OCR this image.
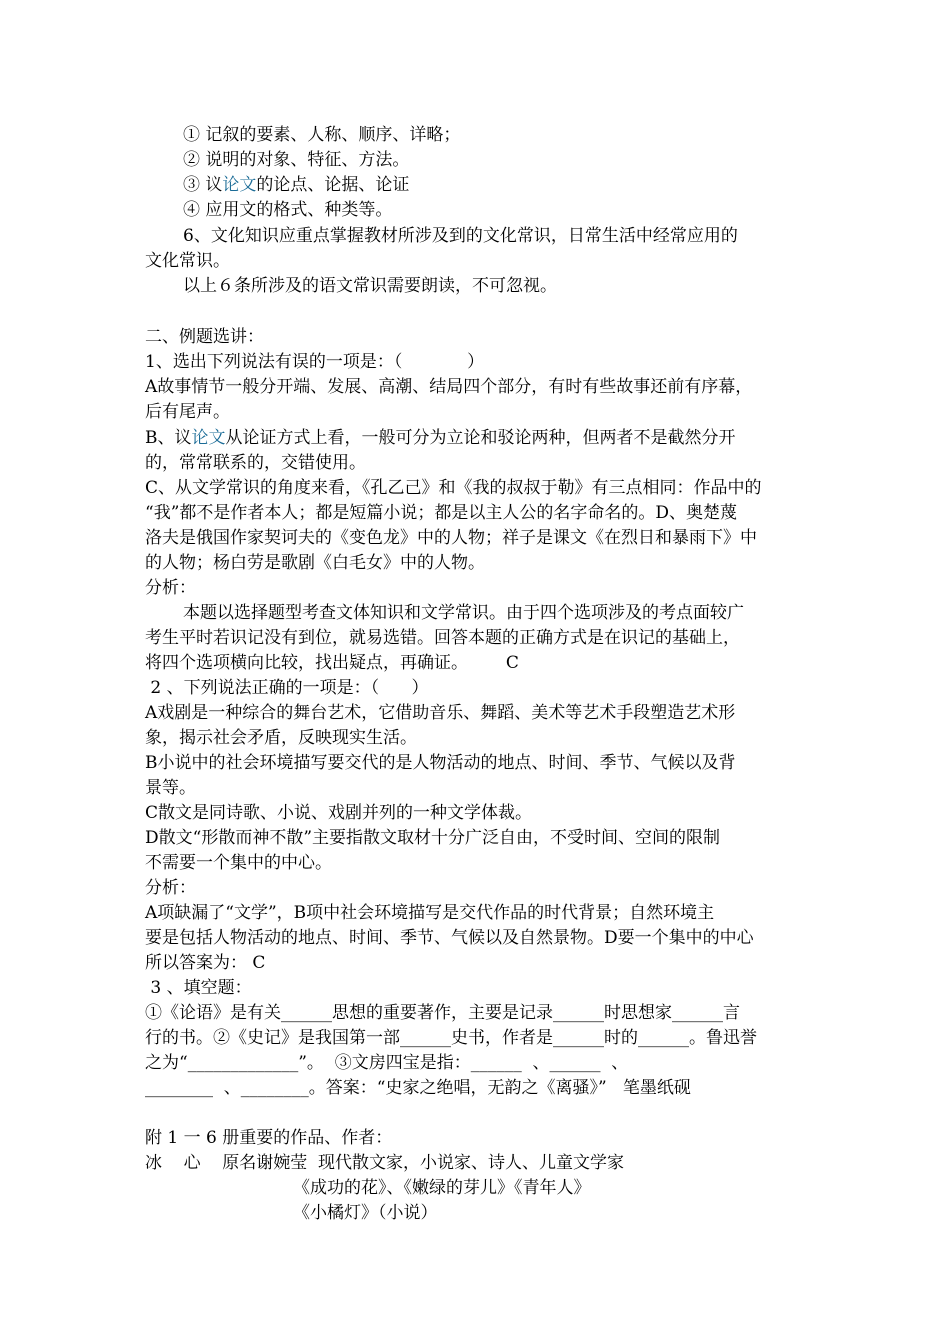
① 记叙的要素、人称、顺序、详略；
② 说明的对象、特征、方法。
③ 议论文的论点、论据、论证
④ 应用文的格式、种类等。
6、文化知识应重点掌握教材所涉及到的文化常识，日常生活中经常应用的
文化常识。
以上６条所涉及的语文常识需要朗读，不可忽视。
二、例题选讲：
1、选出下列说法有误的一项是：（            ）
A故事情节一般分开端、发展、高潮、结局四个部分，有时有些故事还前有序幕，
后有尾声。
B、议论文从论证方式上看，一般可分为立论和驳论两种，但两者不是截然分开
的，常常联系的，交错使用。
C、从文学常识的角度来看，《孔乙己》和《我的叔叔于勒》有三点相同：作品中的
“我”都不是作者本人；都是短篇小说；都是以主人公的名字命名的。D、奥楚蔑
洛夫是俄国作家契诃夫的《变色龙》中的人物；祥子是课文《在烈日和暴雨下》中
的人物；杨白劳是歌剧《白毛女》中的人物。
分析：
本题以选择题型考查文体知识和文学常识。由于四个选项涉及的考点面较广
考生平时若识记没有到位，就易选错。回答本题的正确方式是在识记的基础上，
将四个选项横向比较，找出疑点，再确证。       C
2 、下列说法正确的一项是：（      ）
A戏剧是一种综合的舞台艺术，它借助音乐、舞蹈、美术等艺术手段塑造艺术形
象，揭示社会矛盾，反映现实生活。
B小说中的社会环境描写要交代的是人物活动的地点、时间、季节、气候以及背
景等。
C散文是同诗歌、小说、戏剧并列的一种文学体裁。
D散文“形散而神不散”主要指散文取材十分广泛自由，不受时间、空间的限制
不需要一个集中的中心。
分析：
A项缺漏了“文学”，B项中社会环境描写是交代作品的时代背景；自然环境主
要是包括人物活动的地点、时间、季节、气候以及自然景物。D要一个集中的中心
所以答案为： C
3 、填空题：
①《论语》是有关______思想的重要著作，主要是记录______时思想家______言
行的书。②《史记》是我国第一部______史书，作者是______时的______。鲁迅誉
之为“_____________”。  ③文房四宝是指：______  、______  、
________  、________。答案：“史家之绝唱，无韵之《离骚》”   笔墨纸砚
附 1 一 6 册重要的作品、作者：
冰    心    原名谢婉莹  现代散文家，小说家、诗人、儿童文学家
《成功的花》、《嫩绿的芽儿》《青年人》
《小橘灯》（小说）
